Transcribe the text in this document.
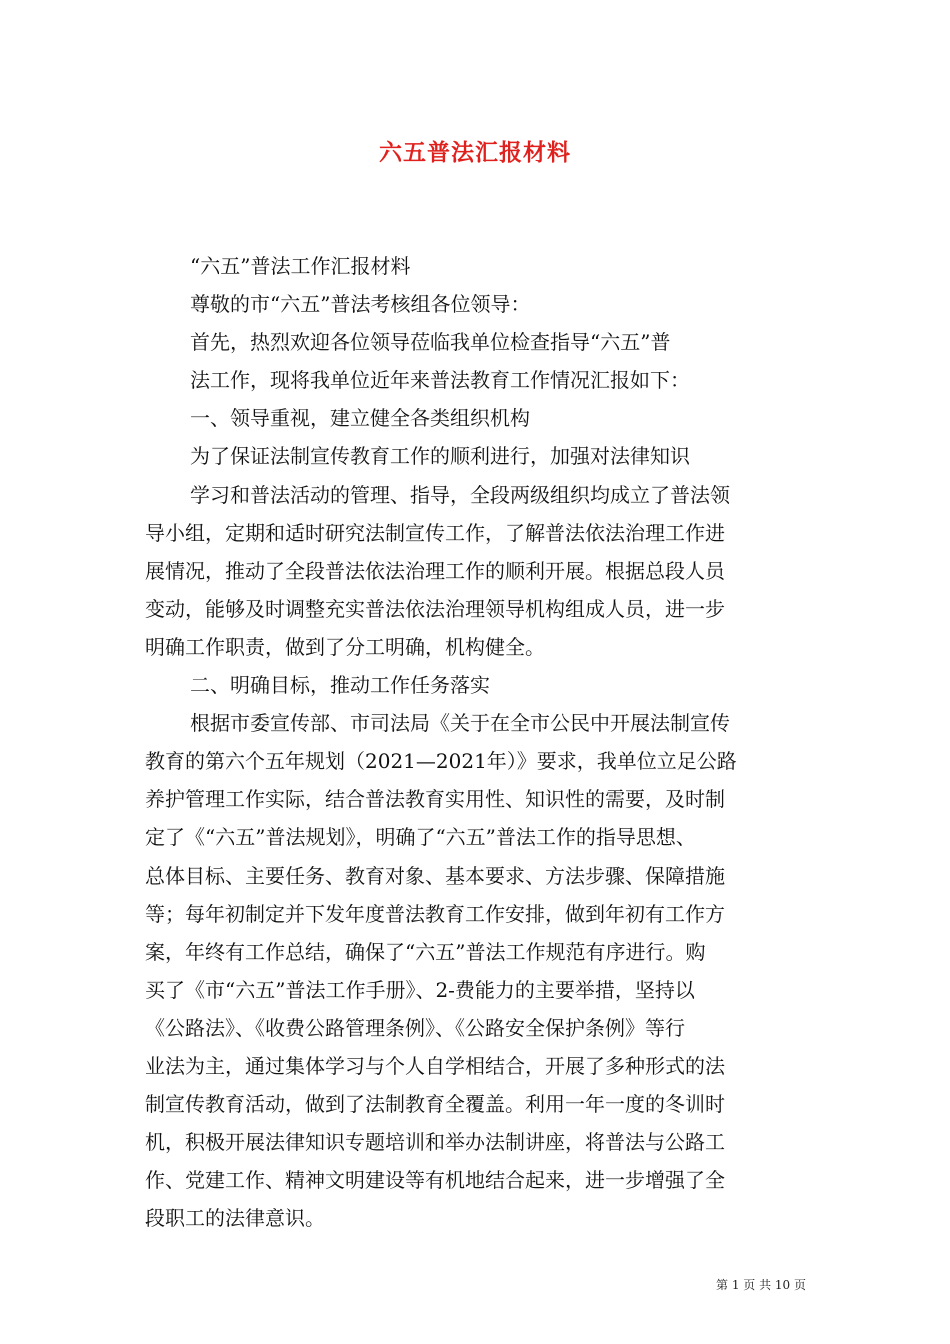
六五普法汇报材料
“六五”普法工作汇报材料
尊敬的市“六五”普法考核组各位领导：
首先，热烈欢迎各位领导莅临我单位检查指导“六五”普
法工作，现将我单位近年来普法教育工作情况汇报如下：
一、领导重视，建立健全各类组织机构
为了保证法制宣传教育工作的顺利进行，加强对法律知识
学习和普法活动的管理、指导，全段两级组织均成立了普法领
导小组，定期和适时研究法制宣传工作，了解普法依法治理工作进
展情况，推动了全段普法依法治理工作的顺利开展。根据总段人员
变动，能够及时调整充实普法依法治理领导机构组成人员，进一步
明确工作职责，做到了分工明确，机构健全。
二、明确目标，推动工作任务落实
根据市委宣传部、市司法局《关于在全市公民中开展法制宣传
教育的第六个五年规划（2021—2021年）》要求，我单位立足公路
养护管理工作实际，结合普法教育实用性、知识性的需要，及时制
定了《“六五”普法规划》，明确了“六五”普法工作的指导思想、
总体目标、主要任务、教育对象、基本要求、方法步骤、保障措施
等；每年初制定并下发年度普法教育工作安排，做到年初有工作方
案，年终有工作总结，确保了“六五”普法工作规范有序进行。购
买了《市“六五”普法工作手册》、2-费能力的主要举措，坚持以
《公路法》、《收费公路管理条例》、《公路安全保护条例》等行
业法为主，通过集体学习与个人自学相结合，开展了多种形式的法
制宣传教育活动，做到了法制教育全覆盖。利用一年一度的冬训时
机，积极开展法律知识专题培训和举办法制讲座，将普法与公路工
作、党建工作、精神文明建设等有机地结合起来，进一步增强了全
段职工的法律意识。
第 1 页 共 10 页
